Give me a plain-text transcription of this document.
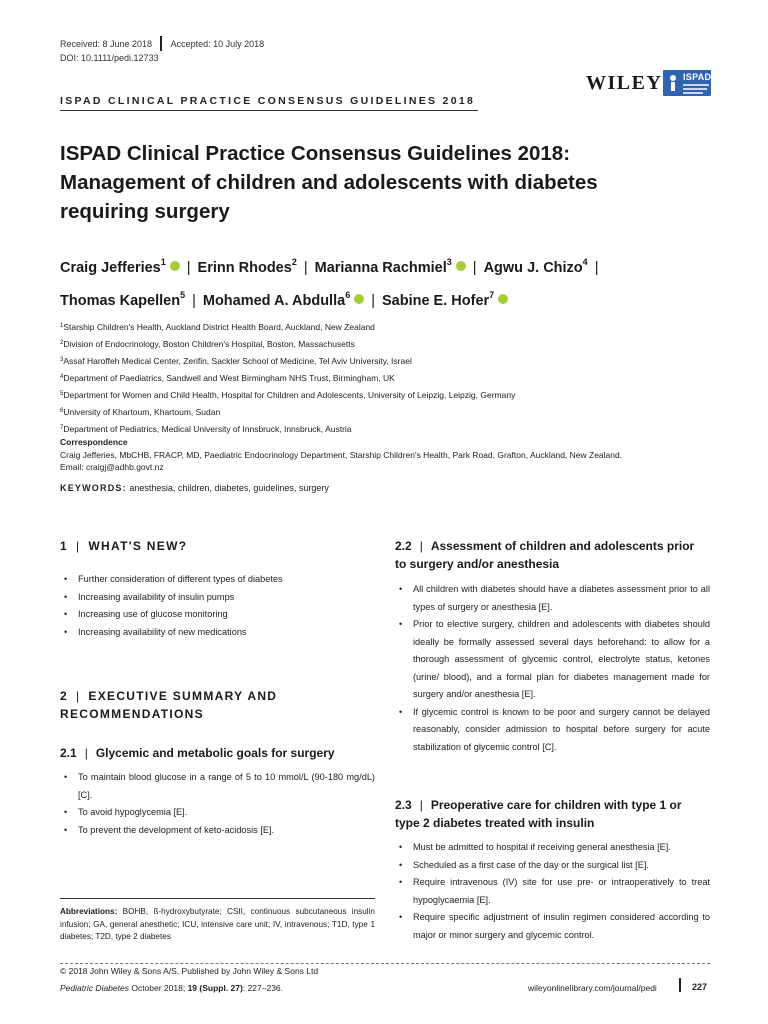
Received: 8 June 2018 Accepted: 10 July 2018
DOI: 10.1111/pedi.12733
WILEY ISPAD
ISPAD CLINICAL PRACTICE CONSENSUS GUIDELINES 2018
ISPAD Clinical Practice Consensus Guidelines 2018:
Management of children and adolescents with diabetes
requiring surgery
Craig Jefferies$^1$ iD | Erinn Rhodes$^2$ | Marianna Rachmiel$^3$ iD | Agwu J. Chizo$^4$ |
Thomas Kapellen$^5$ | Mohamed A. Abdulla$^6$ iD | Sabine E. Hofer$^7$iD
$^1$Starship Children's Health, Auckland District Health Board, Auckland, New Zealand
$^2$Division of Endocrinology, Boston Children's Hospital, Boston, Massachusetts
$^3$Assaf Haroffeh Medical Center, Zerifin, Sackler School of Medicine, Tel Aviv University, Israel
$^4$Department of Paediatrics, Sandwell and West Birmingham NHS Trust, Birmingham, UK
$^5$Department for Women and Child Health, Hospital for Children and Adolescents, University of Leipzig, Leipzig, Germany
$^6$University of Khartoum, Khartoum, Sudan
$^7$Department of Pediatrics, Medical University of Innsbruck, Innsbruck, Austria
Correspondence
Craig Jefferies, MbCHB, FRACP, MD, Paediatric Endocrinology Department, Starship Children's Health, Park Road, Grafton, Auckland, New Zealand.
Email: craigj@adhb.govt.nz
KEYWORDS: anesthesia, children, diabetes, guidelines, surgery
1 | WHAT'S NEW?
• Further consideration of different types of diabetes
• Increasing availability of insulin pumps
• Increasing use of glucose monitoring
• Increasing availability of new medications
2 | EXECUTIVE SUMMARY AND
RECOMMENDATIONS
2.1 | Glycemic and metabolic goals for surgery
• To maintain blood glucose in a range of 5 to 10 mmol/L (90-180 mg/dL) [C].
• To avoid hypoglycemia [E].
• To prevent the development of keto-acidosis [E].
Abbreviations: BOHB, ß-hydroxybutyrate; CSII, continuous subcutaneous insulin infusion; GA, general anesthetic; ICU, intensive care unit; IV, intravenous; T1D, type 1 diabetes; T2D, type 2 diabetes
2.2 | Assessment of children and adolescents prior
to surgery and/or anesthesia
• All children with diabetes should have a diabetes assessment prior to all types of surgery or anesthesia [E].
• Prior to elective surgery, children and adolescents with diabetes should ideally be formally assessed several days beforehand: to allow for a thorough assessment of glycemic control, electrolyte status, ketones (urine/ blood), and a formal plan for diabetes management made for surgery and/or anesthesia [E].
• If glycemic control is known to be poor and surgery cannot be delayed reasonably, consider admission to hospital before surgery for acute stabilization of glycemic control [C].
2.3 | Preoperative care for children with type 1 or
type 2 diabetes treated with insulin
• Must be admitted to hospital if receiving general anesthesia [E].
• Scheduled as a first case of the day or the surgical list [E].
• Require intravenous (IV) site for use pre- or intraoperatively to treat hypoglycaemia [E].
• Require specific adjustment of insulin regimen considered according to major or minor surgery and glycemic control.
© 2018 John Wiley & Sons A/S. Published by John Wiley & Sons Ltd
Pediatric Diabetes October 2018; 19 (Suppl. 27): 227–236.	wileyonlinelibrary.com/journal/pedi	227
